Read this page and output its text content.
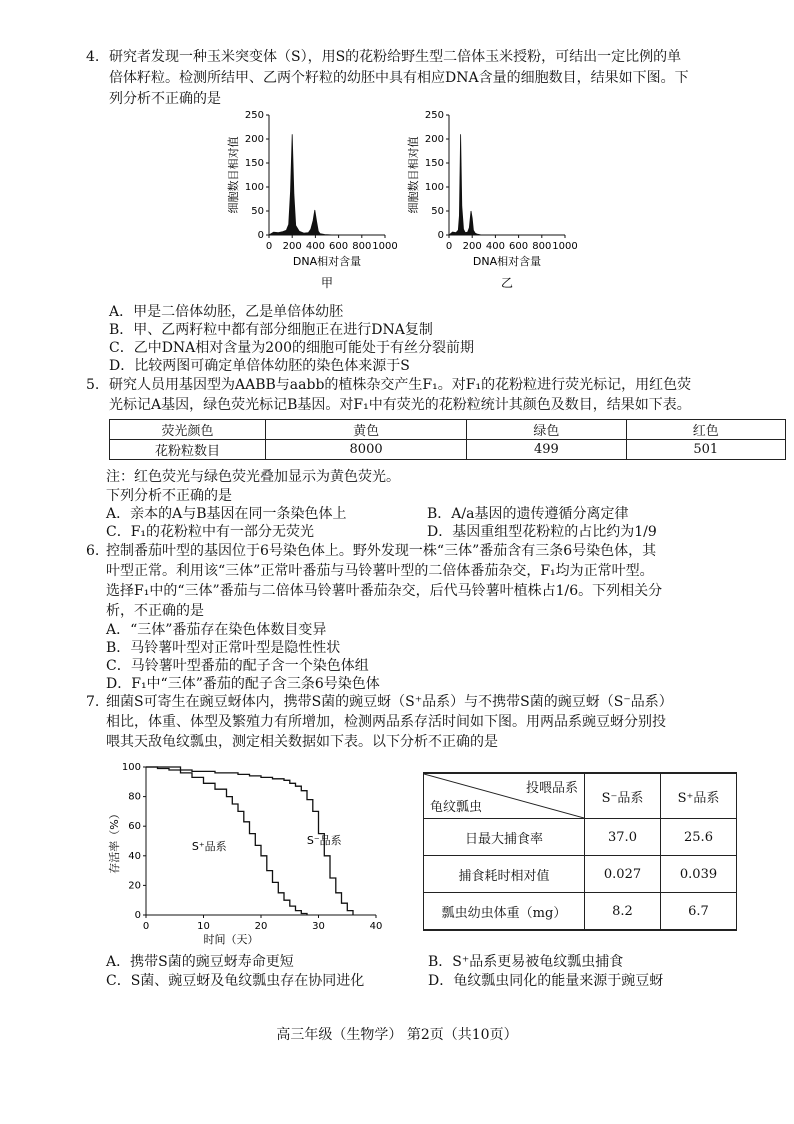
4. 研究者发现一种玉米突变体（S），用S的花粉给野生型二倍体玉米授粉，可结出一定比例的单
倍体籽粒。检测所结甲、乙两个籽粒的幼胚中具有相应DNA含量的细胞数目，结果如下图。下
列分析不正确的是
0
50
100
150
200
250
0 200 400 600 800 1000
DNA相对含量
细胞数目相对值
甲
0
50
100
150
200
250
0 200 400 600 800 1000
DNA相对含量
细胞数目相对值
乙
A．甲是二倍体幼胚，乙是单倍体幼胚
B．甲、乙两籽粒中都有部分细胞正在进行DNA复制
C．乙中DNA相对含量为200的细胞可能处于有丝分裂前期
D．比较两图可确定单倍体幼胚的染色体来源于S
5. 研究人员用基因型为AABB与aabb的植株杂交产生F₁。对F₁的花粉粒进行荧光标记，用红色荧
光标记A基因，绿色荧光标记B基因。对F₁中有荧光的花粉粒统计其颜色及数目，结果如下表。
荧光颜色	黄色	绿色	红色
花粉粒数目	8000	499	501
注：红色荧光与绿色荧光叠加显示为黄色荧光。
下列分析不正确的是
A．亲本的A与B基因在同一条染色体上	B．A/a基因的遗传遵循分离定律
C．F₁的花粉粒中有一部分无荧光	D．基因重组型花粉粒的占比约为1/9
6. 控制番茄叶型的基因位于6号染色体上。野外发现一株“三体”番茄含有三条6号染色体，其
叶型正常。利用该“三体”正常叶番茄与马铃薯叶型的二倍体番茄杂交，F₁均为正常叶型。
选择F₁中的“三体”番茄与二倍体马铃薯叶番茄杂交，后代马铃薯叶植株占1/6。下列相关分
析，不正确的是
A．“三体”番茄存在染色体数目变异
B．马铃薯叶型对正常叶型是隐性性状
C．马铃薯叶型番茄的配子含一个染色体组
D．F₁中“三体”番茄的配子含三条6号染色体
7. 细菌S可寄生在豌豆蚜体内，携带S菌的豌豆蚜（S⁺品系）与不携带S菌的豌豆蚜（S⁻品系）
相比，体重、体型及繁殖力有所增加，检测两品系存活时间如下图。用两品系豌豆蚜分别投
喂其天敌龟纹瓢虫，测定相关数据如下表。以下分析不正确的是
0
20
40
60
80
100
0	10	20	30	40
S⁻品系
S⁺品系
时间（天）
存活率（%）
投喂品系
龟纹瓢虫	S⁻品系	S⁺品系
日最大捕食率	37.0	25.6
捕食耗时相对值	0.027	0.039
瓢虫幼虫体重（mg）	8.2	6.7
A．携带S菌的豌豆蚜寿命更短	B．S⁺品系更易被龟纹瓢虫捕食
C．S菌、豌豆蚜及龟纹瓢虫存在协同进化	D．龟纹瓢虫同化的能量来源于豌豆蚜
高三年级（生物学） 第2页（共10页）
